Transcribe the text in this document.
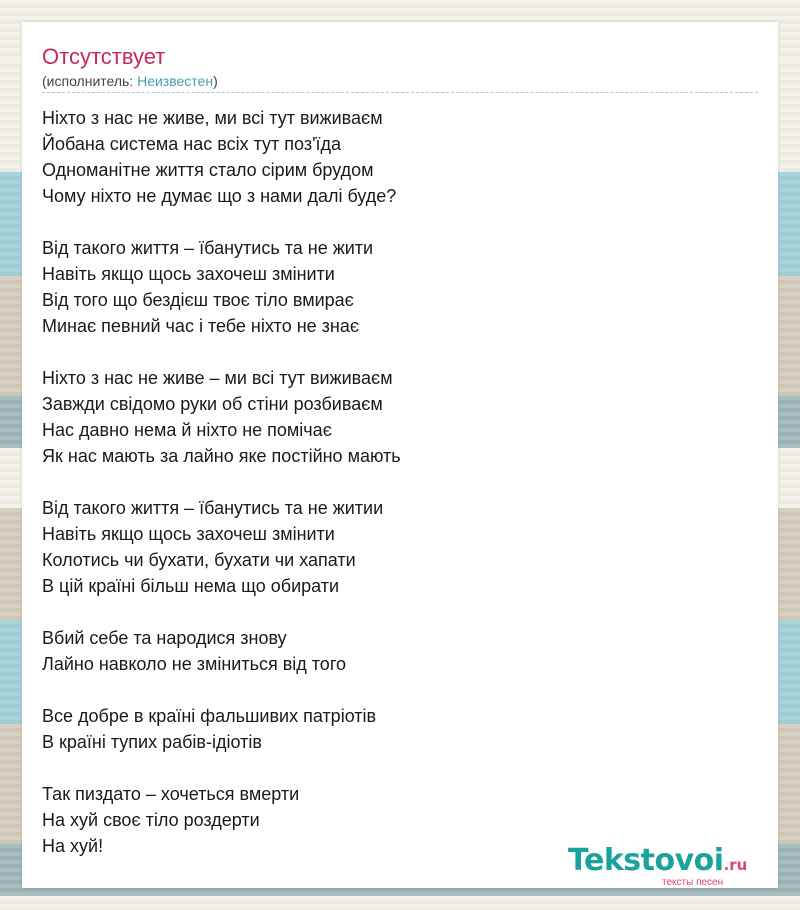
Отсутствует
(исполнитель: Неизвестен)
Ніхто з нас не живе, ми всі тут виживаєм
Йобана система нас всіх тут поз'їда
Одноманітне життя стало сірим брудом
Чому ніхто не думає що з нами далі буде?
Від такого життя – їбанутись та не жити
Навіть якщо щось захочеш змінити
Від того що бездієш твоє тіло вмирає
Минає певний час і тебе ніхто не знає
Ніхто з нас не живе – ми всі тут виживаєм
Завжди свідомо руки об стіни розбиваєм
Нас давно нема й ніхто не помічає
Як нас мають за лайно яке постійно мають
Від такого життя – їбанутись та не житии
Навіть якщо щось захочеш змінити
Колотись чи бухати, бухати чи хапати
В цій країні більш нема що обирати
Вбий себе та народися знову
Лайно навколо не зміниться від того
Все добре в країні фальшивих патріотів
В країні тупих рабів-ідіотів
Так пиздато – хочеться вмерти
На хуй своє тіло роздерти
На хуй!	Tekstovoi.ru
тексты песен
